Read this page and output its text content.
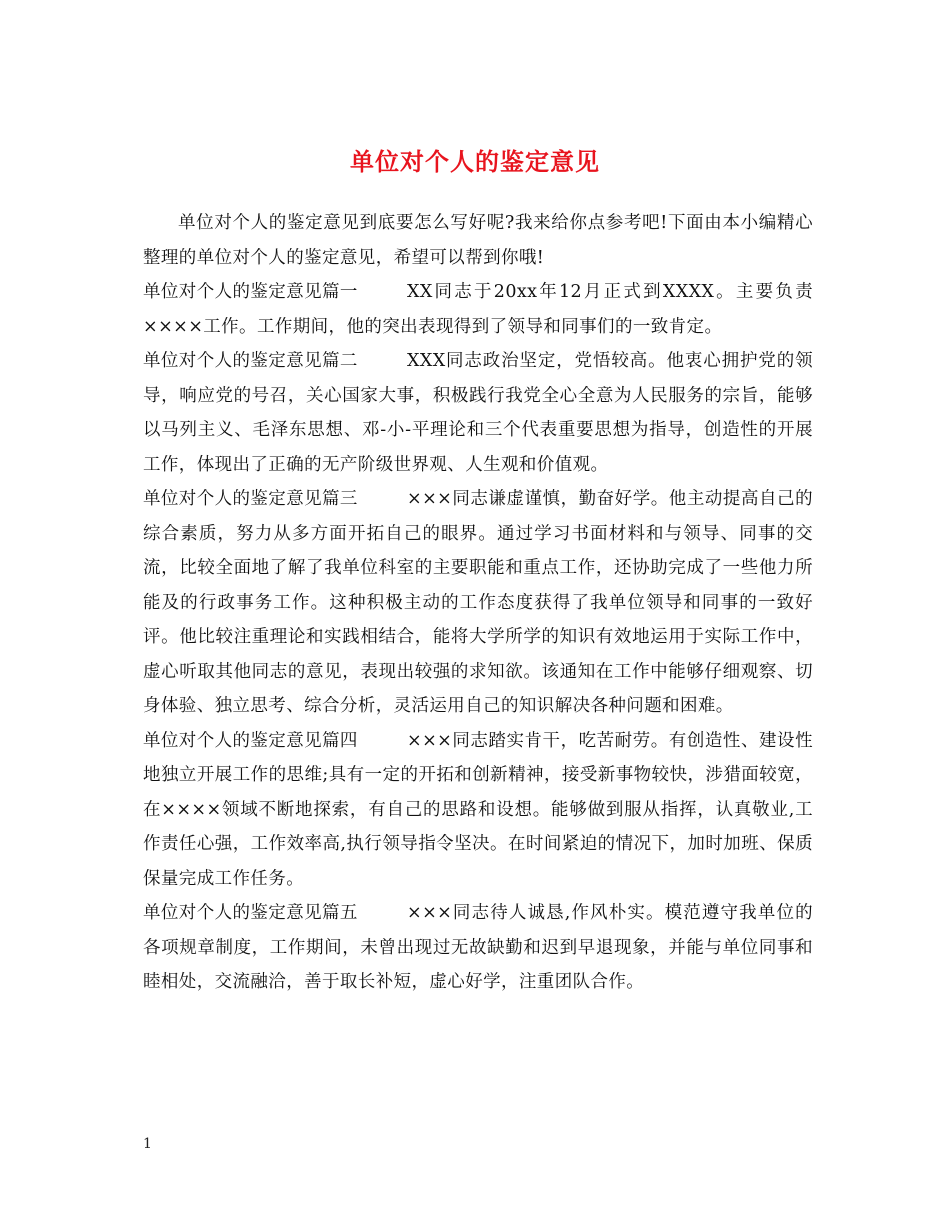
单位对个人的鉴定意见

单位对个人的鉴定意见到底要怎么写好呢?我来给你点参考吧!下面由本小编精心整理的单位对个人的鉴定意见，希望可以帮到你哦!

单位对个人的鉴定意见篇一	XX同志于20xx年12月正式到XXXX。主要负责××××工作。工作期间，他的突出表现得到了领导和同事们的一致肯定。

单位对个人的鉴定意见篇二	XXX同志政治坚定，党悟较高。他衷心拥护党的领导，响应党的号召，关心国家大事，积极践行我党全心全意为人民服务的宗旨，能够以马列主义、毛泽东思想、邓-小-平理论和三个代表重要思想为指导，创造性的开展工作，体现出了正确的无产阶级世界观、人生观和价值观。

单位对个人的鉴定意见篇三	×××同志谦虚谨慎，勤奋好学。他主动提高自己的综合素质，努力从多方面开拓自己的眼界。通过学习书面材料和与领导、同事的交流，比较全面地了解了我单位科室的主要职能和重点工作，还协助完成了一些他力所能及的行政事务工作。这种积极主动的工作态度获得了我单位领导和同事的一致好评。他比较注重理论和实践相结合，能将大学所学的知识有效地运用于实际工作中，虚心听取其他同志的意见，表现出较强的求知欲。该通知在工作中能够仔细观察、切身体验、独立思考、综合分析，灵活运用自己的知识解决各种问题和困难。

单位对个人的鉴定意见篇四	×××同志踏实肯干，吃苦耐劳。有创造性、建设性地独立开展工作的思维;具有一定的开拓和创新精神，接受新事物较快，涉猎面较宽，在××××领域不断地探索，有自己的思路和设想。能够做到服从指挥，认真敬业,工作责任心强，工作效率高,执行领导指令坚决。在时间紧迫的情况下，加时加班、保质保量完成工作任务。

单位对个人的鉴定意见篇五	×××同志待人诚恳,作风朴实。模范遵守我单位的各项规章制度，工作期间，未曾出现过无故缺勤和迟到早退现象，并能与单位同事和睦相处，交流融洽，善于取长补短，虚心好学，注重团队合作。

1
